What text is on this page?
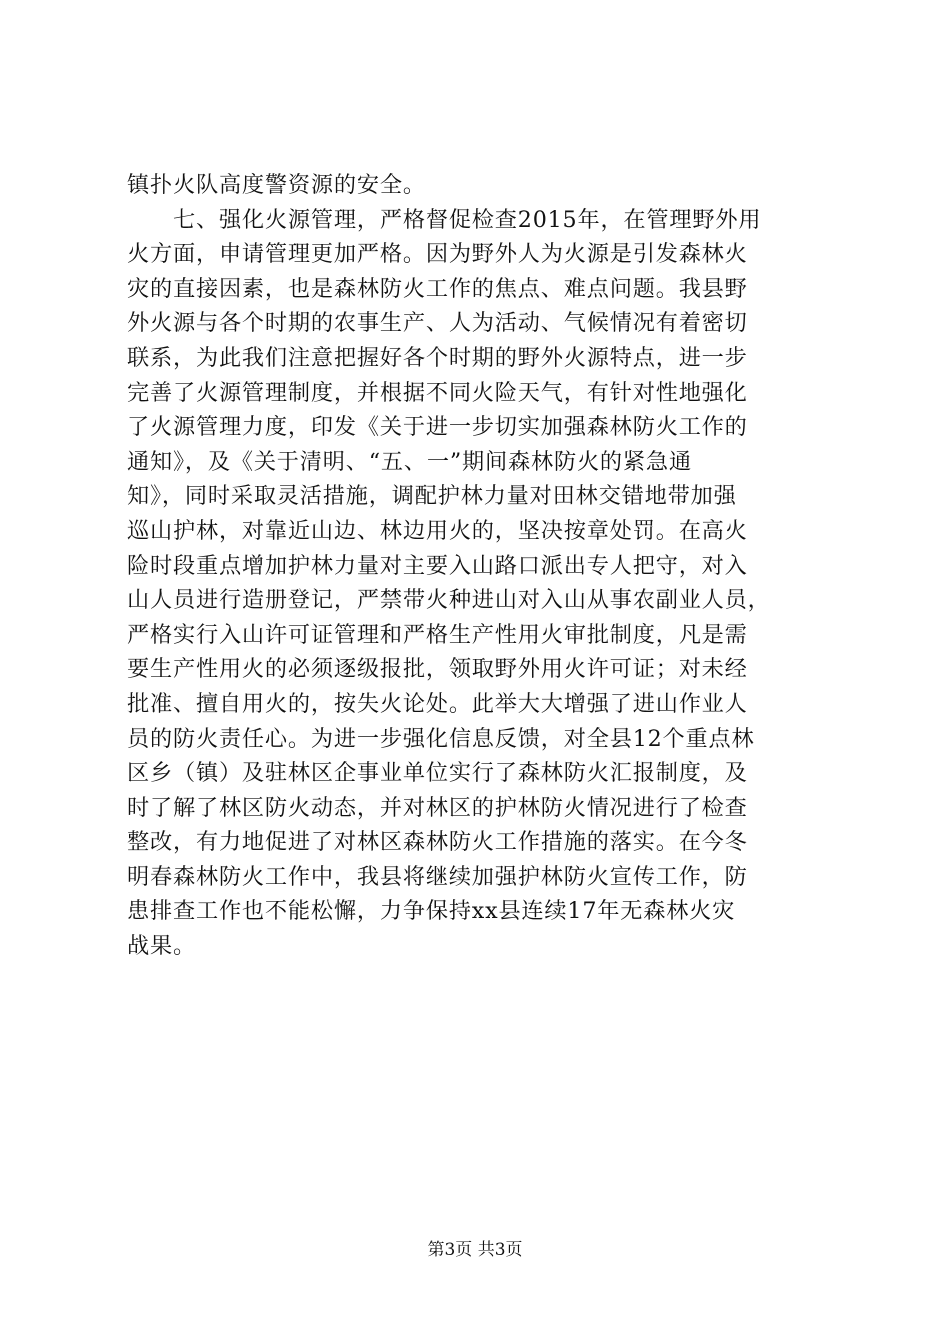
镇扑火队高度警资源的安全。
　　七、强化火源管理，严格督促检查2015年，在管理野外用
火方面，申请管理更加严格。因为野外人为火源是引发森林火
灾的直接因素，也是森林防火工作的焦点、难点问题。我县野
外火源与各个时期的农事生产、人为活动、气候情况有着密切
联系，为此我们注意把握好各个时期的野外火源特点，进一步
完善了火源管理制度，并根据不同火险天气，有针对性地强化
了火源管理力度，印发《关于进一步切实加强森林防火工作的
通知》，及《关于清明、“五、一”期间森林防火的紧急通
知》，同时采取灵活措施，调配护林力量对田林交错地带加强
巡山护林，对靠近山边、林边用火的，坚决按章处罚。在高火
险时段重点增加护林力量对主要入山路口派出专人把守，对入
山人员进行造册登记，严禁带火种进山对入山从事农副业人员，
严格实行入山许可证管理和严格生产性用火审批制度，凡是需
要生产性用火的必须逐级报批，领取野外用火许可证；对未经
批准、擅自用火的，按失火论处。此举大大增强了进山作业人
员的防火责任心。为进一步强化信息反馈，对全县12个重点林
区乡（镇）及驻林区企事业单位实行了森林防火汇报制度，及
时了解了林区防火动态，并对林区的护林防火情况进行了检查
整改，有力地促进了对林区森林防火工作措施的落实。在今冬
明春森林防火工作中，我县将继续加强护林防火宣传工作，防
患排查工作也不能松懈，力争保持xx县连续17年无森林火灾
战果。
第3页 共3页
